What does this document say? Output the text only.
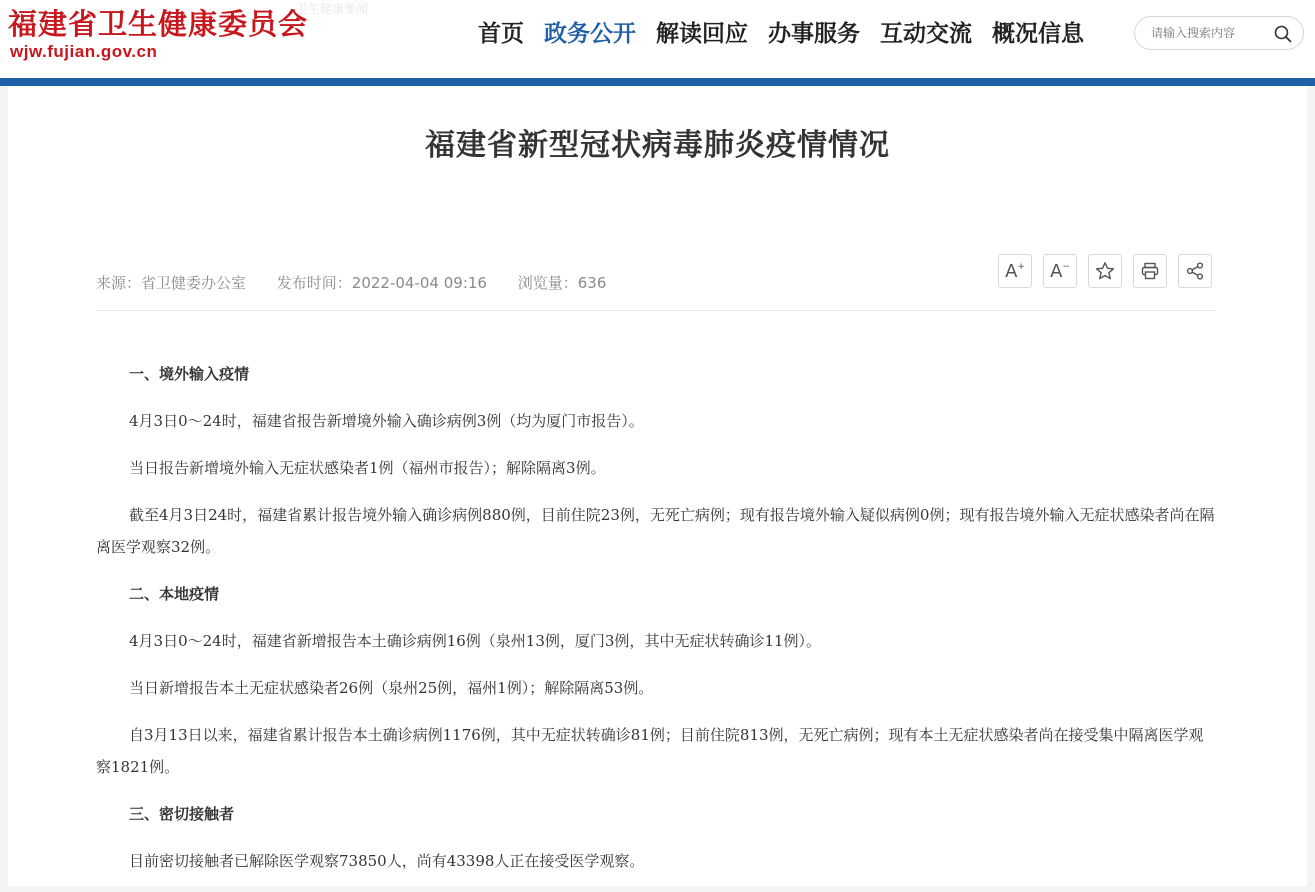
福建省卫生健康委员会
wjw.fujian.gov.cn
卫生健康要闻
首页 政务公开 解读回应 办事服务 互动交流 概况信息
请输入搜索内容
福建省新型冠状病毒肺炎疫情情况
来源：省卫健委办公室 发布时间：2022-04-04 09:16 浏览量：636
A+ A−

一、境外输入疫情

4月3日0～24时，福建省报告新增境外输入确诊病例3例（均为厦门市报告）。

当日报告新增境外输入无症状感染者1例（福州市报告）；解除隔离3例。

截至4月3日24时，福建省累计报告境外输入确诊病例880例，目前住院23例，无死亡病例；现有报告境外输入疑似病例0例；现有报告境外输入无症状感染者尚在隔离医学观察32例。

二、本地疫情

4月3日0～24时，福建省新增报告本土确诊病例16例（泉州13例，厦门3例，其中无症状转确诊11例）。

当日新增报告本土无症状感染者26例（泉州25例，福州1例）；解除隔离53例。

自3月13日以来，福建省累计报告本土确诊病例1176例，其中无症状转确诊81例；目前住院813例，无死亡病例；现有本土无症状感染者尚在接受集中隔离医学观察1821例。

三、密切接触者

目前密切接触者已解除医学观察73850人，尚有43398人正在接受医学观察。
